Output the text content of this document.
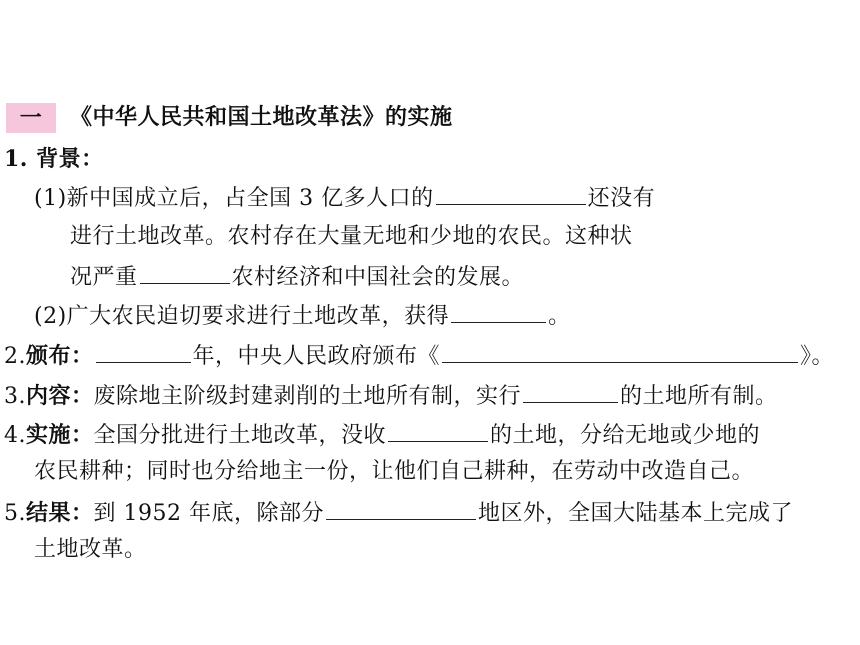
一 《中华人民共和国土地改革法》的实施
1. 背景：
(1)新中国成立后，占全国 3 亿多人口的	还没有
进行土地改革。农村存在大量无地和少地的农民。这种状
况严重	农村经济和中国社会的发展。
(2)广大农民迫切要求进行土地改革，获得	。
2.颁布：	年，中央人民政府颁布《	》。
3.内容：废除地主阶级封建剥削的土地所有制，实行	的土地所有制。
4.实施：全国分批进行土地改革，没收	的土地，分给无地或少地的
农民耕种；同时也分给地主一份，让他们自己耕种，在劳动中改造自己。
5.结果：到 1952 年底，除部分	地区外，全国大陆基本上完成了
土地改革。
